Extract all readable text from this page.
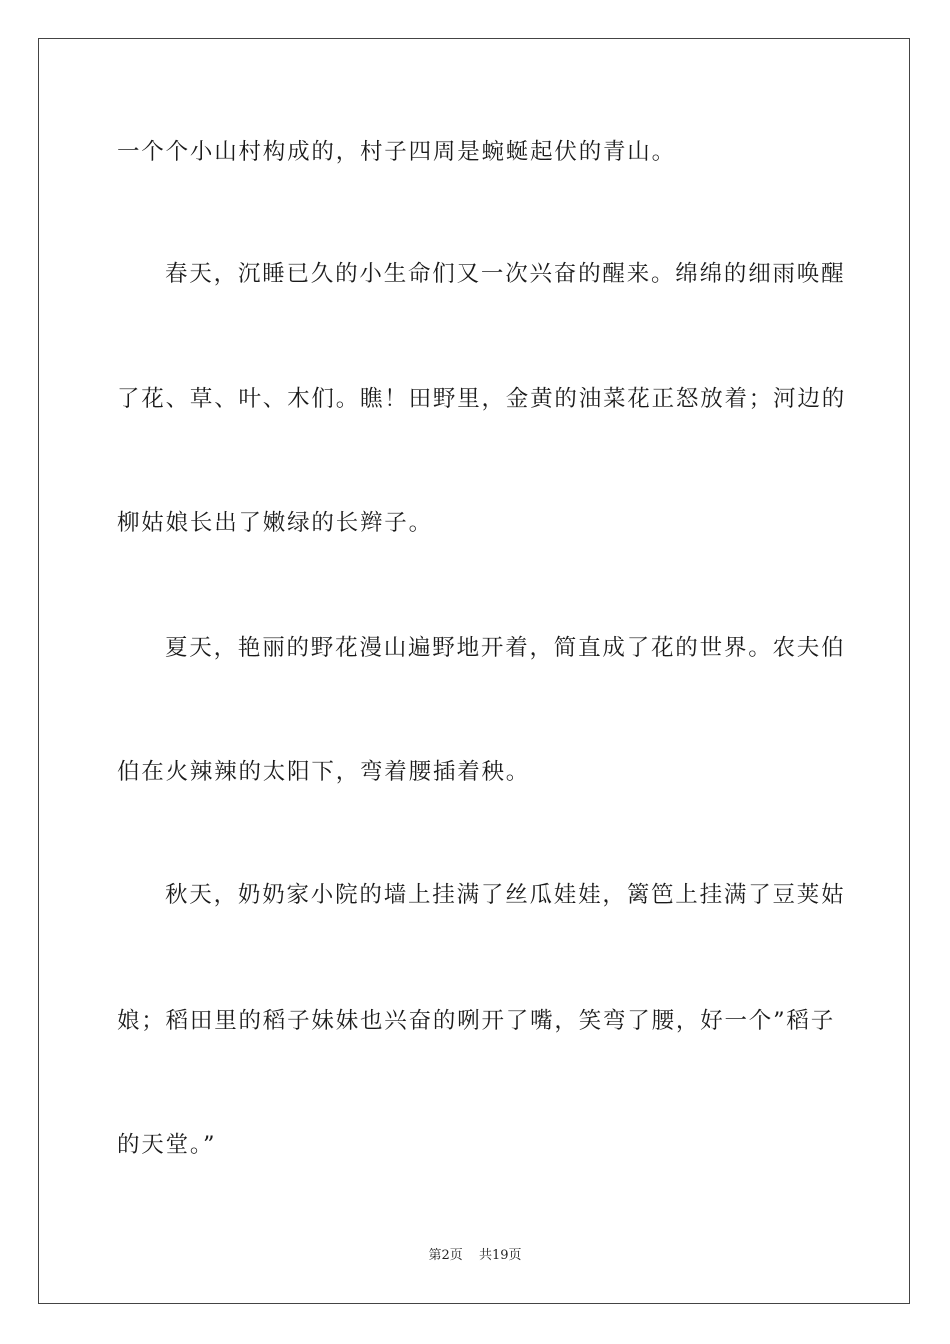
一个个小山村构成的，村子四周是蜿蜒起伏的青山。
春天，沉睡已久的小生命们又一次兴奋的醒来。绵绵的细雨唤醒
了花、草、叶、木们。瞧！田野里，金黄的油菜花正怒放着；河边的
柳姑娘长出了嫩绿的长辫子。
夏天，艳丽的野花漫山遍野地开着，简直成了花的世界。农夫伯
伯在火辣辣的太阳下，弯着腰插着秧。
秋天，奶奶家小院的墙上挂满了丝瓜娃娃，篱笆上挂满了豆荚姑
娘；稻田里的稻子妹妹也兴奋的咧开了嘴，笑弯了腰，好一个”稻子
的天堂。”
第2页 共19页
